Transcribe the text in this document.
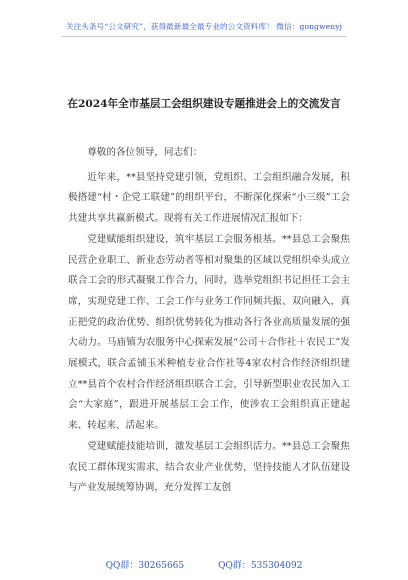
关注头条号“公文研究”，获得最新最全最专业的公文资料库！ 微信：gongwenyj
在2024年全市基层工会组织建设专题推进会上的交流发言

尊敬的各位领导，同志们：

近年来，**县坚持党建引领，党组织、工会组织融合发展，积极搭建“村・企党工联建”的组织平台，不断深化探索“小三级”工会共建共享共赢新模式。现将有关工作进展情况汇报如下：

党建赋能组织建设，筑牢基层工会服务根基。**县总工会聚焦民营企业职工、新业态劳动者等相对聚集的区域以党组织牵头成立联合工会的形式凝聚工作合力，同时，选举党组织书记担任工会主席，实现党建工作、工会工作与业务工作同频共振、双向融入，真正把党的政治优势、组织优势转化为推动各行各业高质量发展的强大动力。马庙镇为农服务中心探索发展“公司＋合作社＋农民工”发展模式，联合孟铺玉米种植专业合作社等4家农村合作经济组织建立**县首个农村合作经济组织联合工会，引导新型职业农民加入工会“大家庭”，跟进开展基层工会工作，使涉农工会组织真正建起来、转起来、活起来。

党建赋能技能培训，激发基层工会组织活力。**县总工会聚焦农民工群体现实需求，结合农业产业优势，坚持技能人才队伍建设与产业发展统筹协调，充分发挥工友创

QQ群：30265665	QQ群：535304092
